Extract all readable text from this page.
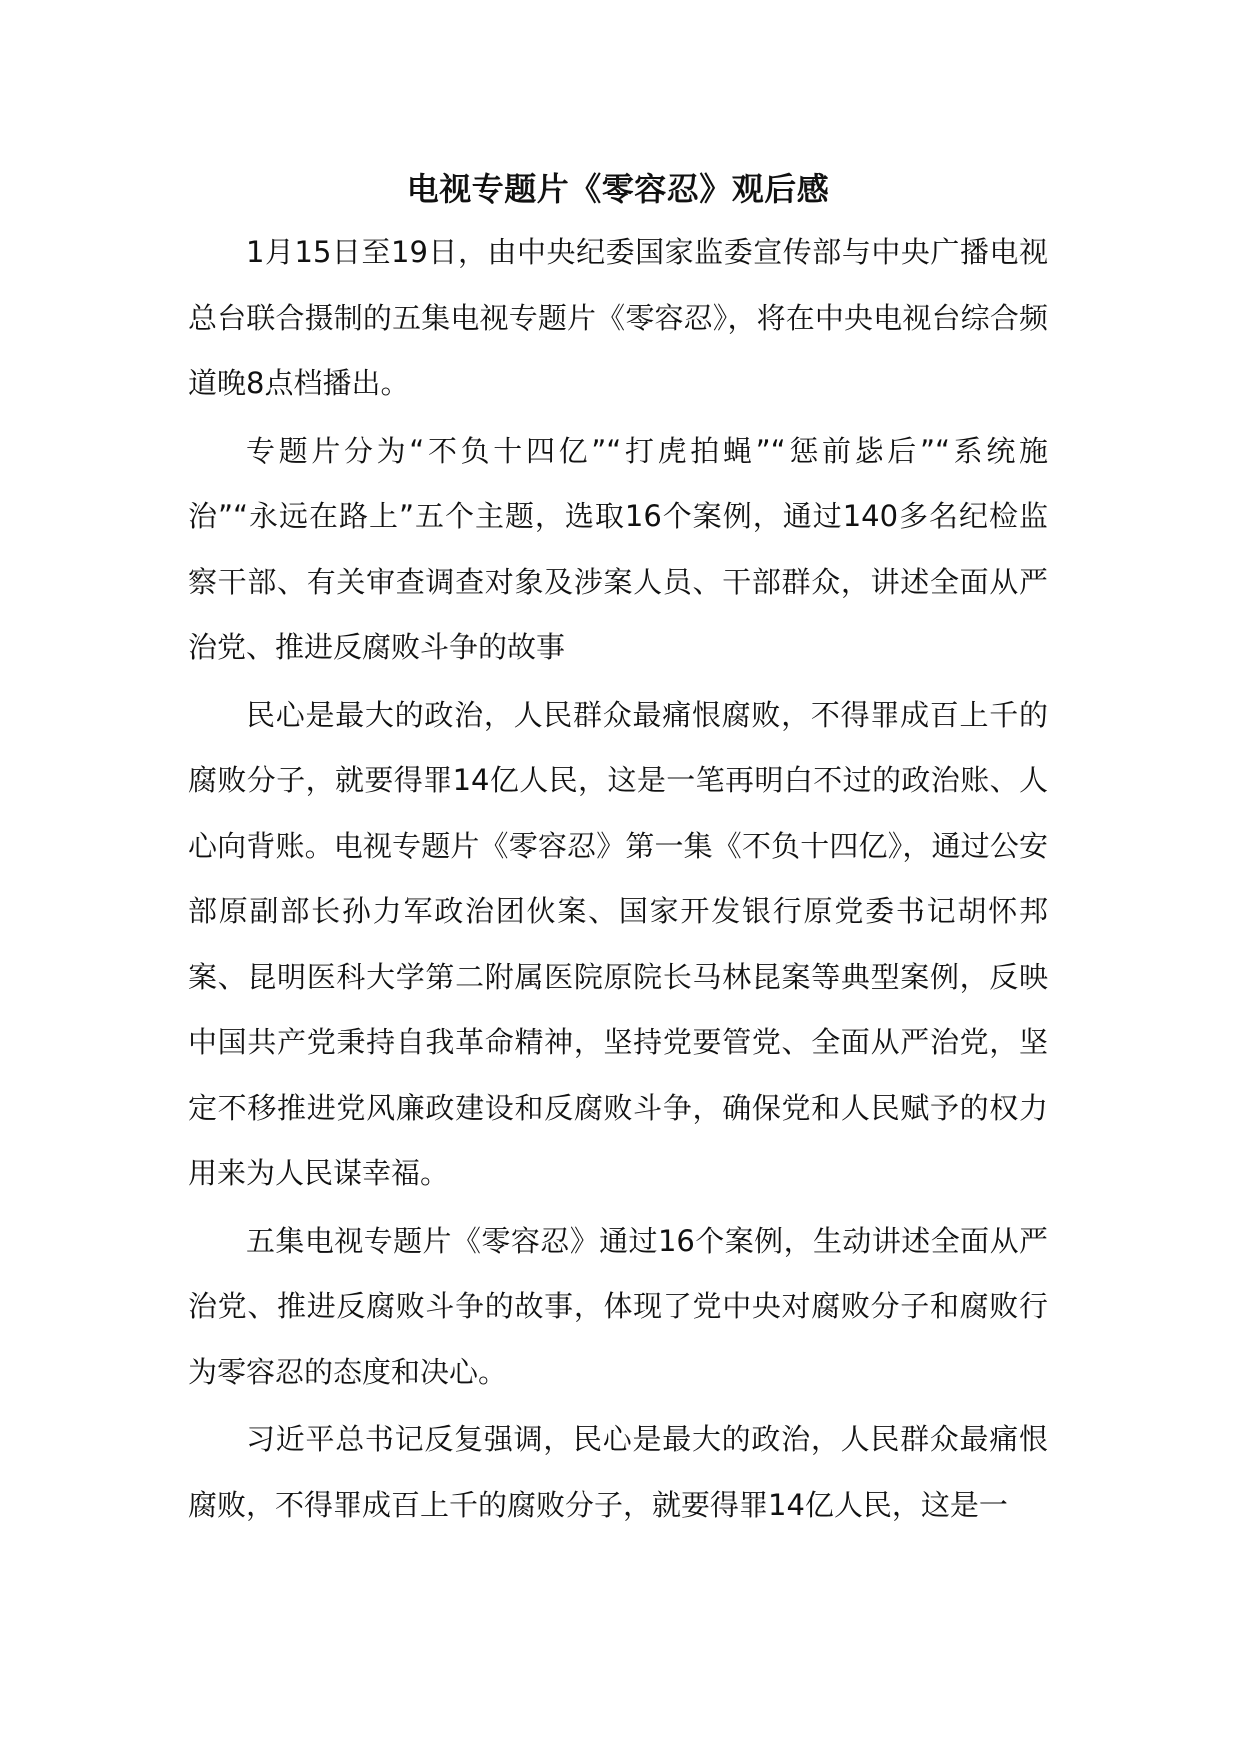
电视专题片《零容忍》观后感

1月15日至19日，由中央纪委国家监委宣传部与中央广播电视总台联合摄制的五集电视专题片《零容忍》，将在中央电视台综合频道晚8点档播出。

专题片分为“不负十四亿”“打虎拍蝇”“惩前毖后”“系统施治”“永远在路上”五个主题，选取16个案例，通过140多名纪检监察干部、有关审查调查对象及涉案人员、干部群众，讲述全面从严治党、推进反腐败斗争的故事

民心是最大的政治，人民群众最痛恨腐败，不得罪成百上千的腐败分子，就要得罪14亿人民，这是一笔再明白不过的政治账、人心向背账。电视专题片《零容忍》第一集《不负十四亿》，通过公安部原副部长孙力军政治团伙案、国家开发银行原党委书记胡怀邦案、昆明医科大学第二附属医院原院长马林昆案等典型案例，反映中国共产党秉持自我革命精神，坚持党要管党、全面从严治党，坚定不移推进党风廉政建设和反腐败斗争，确保党和人民赋予的权力用来为人民谋幸福。

五集电视专题片《零容忍》通过16个案例，生动讲述全面从严治党、推进反腐败斗争的故事，体现了党中央对腐败分子和腐败行为零容忍的态度和决心。

习近平总书记反复强调，民心是最大的政治，人民群众最痛恨腐败，不得罪成百上千的腐败分子，就要得罪14亿人民，这是一
